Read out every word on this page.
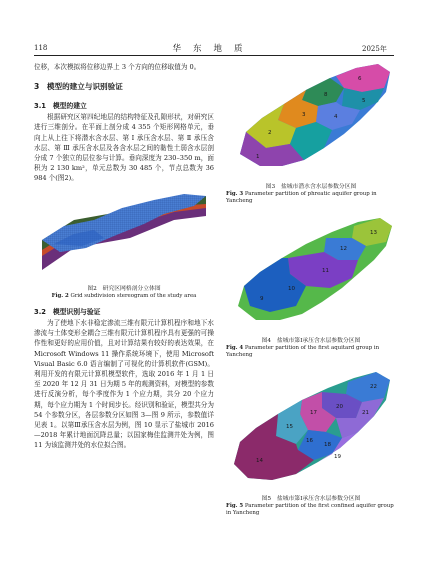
118	华东地质	2025年

位移，本次模拟将位移边界上 3 个方向的位移取值为 0。

3　模型的建立与识别验证
3.1　模型的建立

根据研究区第四纪地层的结构特征及孔隙形状，对研究区进行三维剖分。在平面上剖分成 4 355 个矩形网格单元，垂向上从上往下将潜水含水层、第 Ⅰ 承压含水层、第 Ⅱ 承压含水层、第 Ⅲ 承压含水层及各含水层之间的黏性土弱含水层剖分成 7 个独立的层位参与计算。垂向深度为 230–350 m，面积为 2 130 km²，单元总数为 30 485 个，节点总数为 36 984 个(图2)。

图2　研究区网格剖分立体图
Fig. 2 Grid subdivision stereogram of the study area
3.2　模型识别与验证

为了使地下水非稳定渗流三维有限元计算机程序和地下水渗流与土体变形全耦合三维有限元计算机程序具有更强的可操作性和更好的应用价值，且对计算结果有较好的表达效果，在 Microsoft Windows 11 操作系统环境下，使用 Microsoft Visual Basic 6.0 语言编制了可视化的计算机软件(GSM)。利用开发的有限元计算机模型软件，选取 2016 年 1 月 1 日至 2020 年 12 月 31 日为期 5 年的观测资料，对模型的参数进行反演分析，每个季度作为 1 个应力期，共分 20 个应力期，每个应力期为 1 个时间步长。经识别和验证，模型共分为 54 个参数分区，各层参数分区如图 3—图 9 所示，参数值详见表 1。以第Ⅲ承压含水层为例，图 10 显示了盐城市 2016—2018 年累计地面沉降总量；以国家梅佳监测井处为例，图 11 为该监测井处的水位拟合图。

6
8
3	4
5
2
1
图3　盐城市潜水含水层参数分区图
Fig. 3 Parameter partition of phreatic aquifer group in Yancheng
13
12
11
10
9
图4　盐城市第Ⅰ承压含水层参数分区图
Fig. 4 Parameter partition of the first aquitard group in Yancheng
22
21
20
17
18
15
16
19
14
图5　盐城市第Ⅰ承压含水层参数分区图
Fig. 5 Parameter partition of the first confined aquifer group in Yancheng
